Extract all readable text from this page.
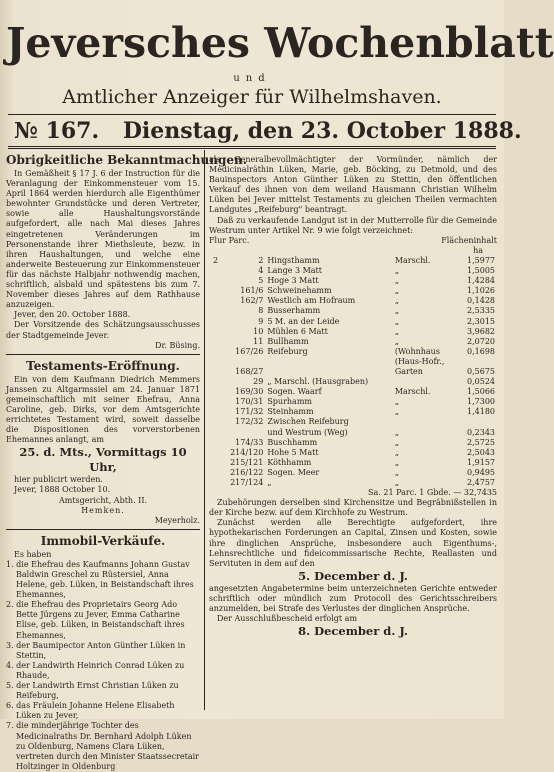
Jeversches Wochenblatt
und
Amtlicher Anzeiger für Wilhelmshaven.
№ 167. Dienstag, den 23. October 1888.
Obrigkeitliche Bekanntmachungen.
In Gemäßheit § 17 J. 6 der Instruction für die Veranlagung der Einkommensteuer vom 15. April 1864 werden hierdurch alle Eigenthümer bewohnter Grundstücke und deren Vertreter, sowie alle Haushaltungsvorstände aufgefordert, alle nach Mai dieses Jahres eingetretenen Veränderungen im Personenstande ihrer Miethsleute, bezw. in ihren Haushaltungen, und welche eine anderweite Besteuerung zur Einkommensteuer für das nächste Halbjahr nothwendig machen, schriftlich, alsbald und spätestens bis zum 7. November dieses Jahres auf dem Rathhause anzuzeigen.
Jever, den 20. October 1888.
Der Vorsitzende des Schätzungsausschusses der Stadtgemeinde Jever.
Dr. Büsing.
Testaments-Eröffnung.
Ein von dem Kaufmann Diedrich Memmers Janssen zu Altgarmssiel am 24. Januar 1871 gemeinschaftlich mit seiner Ehefrau, Anna Caroline, geb. Dirks, vor dem Amtsgerichte errichtetes Testament wird, soweit dasselbe die Dispositionen des vorverstorbenen Ehemannes anlangt, am
25. d. Mts., Vormittags 10 Uhr,
hier publicirt werden.
Jever, 1888 October 10.
Amtsgericht, Abth. II.
Hemken.
Meyerholz.
Immobil-Verkäufe.
Es haben
1. die Ehefrau des Kaufmanns Johann Gustav Baldwin Greschel zu Rüstersiel, Anna Helene, geb. Lüken, in Beistandschaft ihres Ehemannes,
2. die Ehefrau des Proprietairs Georg Ado Bette Jürgens zu Jever, Emma Catharine Elise, geb. Lüken, in Beistandschaft ihres Ehemannes,
3. der Baumipector Anton Günther Lüken in Stettin,
4. der Landwirth Heinrich Conrad Lüken zu Rhaude,
5. der Landwirth Ernst Christian Lüken zu Reifeburg,
6. das Fräulein Johanne Helene Elisabeth Lüken zu Jever,
7. die minderjährige Tochter des Medicinalraths Dr. Bernhard Adolph Lüken zu Oldenburg, Namens Clara Lüken, vertreten durch den Minister Staatssecretair Holtzinger in Oldenburg
als Generalbevollmächtigter der Vormünder, nämlich der Medicinalräthin Lüken, Marie, geb. Böcking, zu Detmold, und des Bauinspectors Anton Günther Lüken zu Stettin, den öffentlichen Verkauf des ihnen von dem weiland Hausmann Christian Wilhelm Lüken bei Jever mittelst Testaments zu gleichen Theilen vermachten Landgutes „Reifeburg" beantragt.
Daß zu verkaufende Landgut ist in der Mutterrolle für die Gemeinde Westrum unter Artikel Nr. 9 wie folgt verzeichnet:
Flur Parc.	Flächeninhalt
ha
2	2	Hingsthamm	Marschl.	1,5977
	4	Lange 3 Matt	„	1,5005
	5	Hoge 3 Matt	„	1,4284
	161/6	Schweinehamm	„	1,1026
	162/7	Westlich am Hofraum	„	0,1428
	8	Busserhamm	„	2,5335
	9	5 M. an der Leide	„	2,3015
	10	Mühlen 6 Matt	„	3,9682
	11	Bullhamm	„	2,0720
	167/26	Reifeburg	(Wohnhaus	0,1698
			(Haus-Hofr.,	
	168/27		Garten	0,5675
	29	„ Marschl. (Hausgraben)		0,0524
	169/30	Sogen. Waarf	Marschl.	1,5066
	170/31	Spurhamm	„	1,7300
	171/32	Steinhamm	„	1,4180
	172/32	Zwischen Reifeburg		
		und Westrum (Weg)	„	0,2343
	174/33	Buschhamm	„	2,5725
	214/120	Hohe 5 Matt	„	2,5043
	215/121	Köthhamm	„	1,9157
	216/122	Sogen. Meer	„	0,9495
	217/124	„	„	2,4757
Sa. 21 Parc. 1 Gbde. — 32,7435
Zubehörungen derselben sind Kirchensitze und Begräbnißstellen in der Kirche bezw. auf dem Kirchhofe zu Westrum.
Zunächst werden alle Berechtigte aufgefordert, ihre hypothekarischen Forderungen an Capital, Zinsen und Kosten, sowie ihre dinglichen Ansprüche, insbesondere auch Eigenthums-, Lehnsrechtliche und fideicommissarische Rechte, Reallasten und Servituten in dem auf den
5. December d. J.
angesetzten Angabetermine beim unterzeichneten Gerichte entweder schriftlich oder mündlich zum Protocoll des Gerichtsschreibers anzumelden, bei Strafe des Verlustes der dinglichen Ansprüche.
Der Ausschlußbescheid erfolgt am
8. December d. J.
